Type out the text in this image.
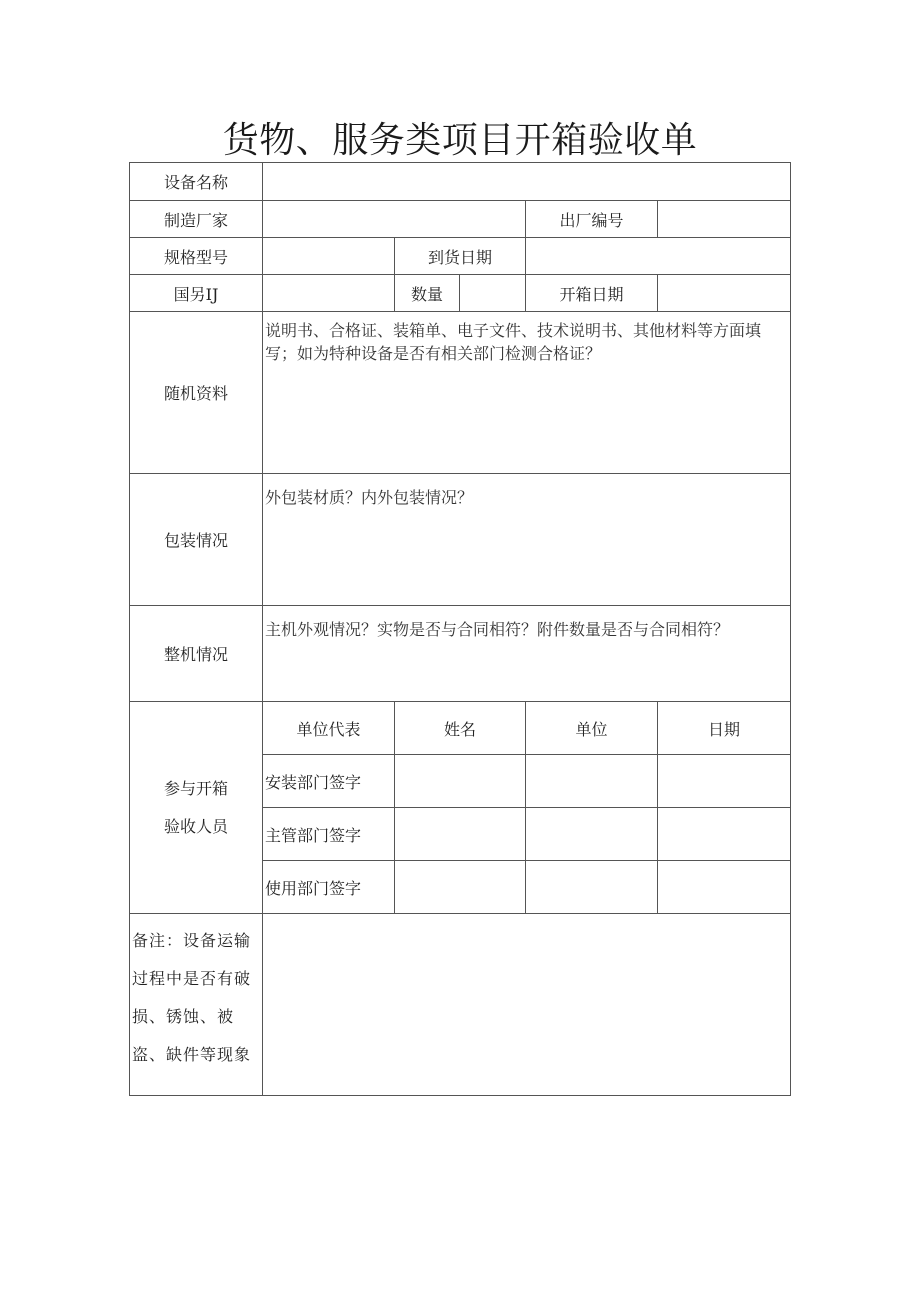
货物、服务类项目开箱验收单
设备名称					
制造厂家				出厂编号	
规格型号		到货日期			
国另IJ		数量		开箱日期	
随机资料	说明书、合格证、装箱单、电子文件、技术说明书、其他材料等方面填写；如为特种设备是否有相关部门检测合格证？				
包装情况	外包装材质？内外包装情况？				
整机情况	主机外观情况？实物是否与合同相符？附件数量是否与合同相符？				
参与开箱
验收人员	单位代表	姓名		单位	日期
	安装部门签字				
	主管部门签字				
	使用部门签字				
备注：设备运输
过程中是否有破
损、锈蚀、被
盗、缺件等现象					
